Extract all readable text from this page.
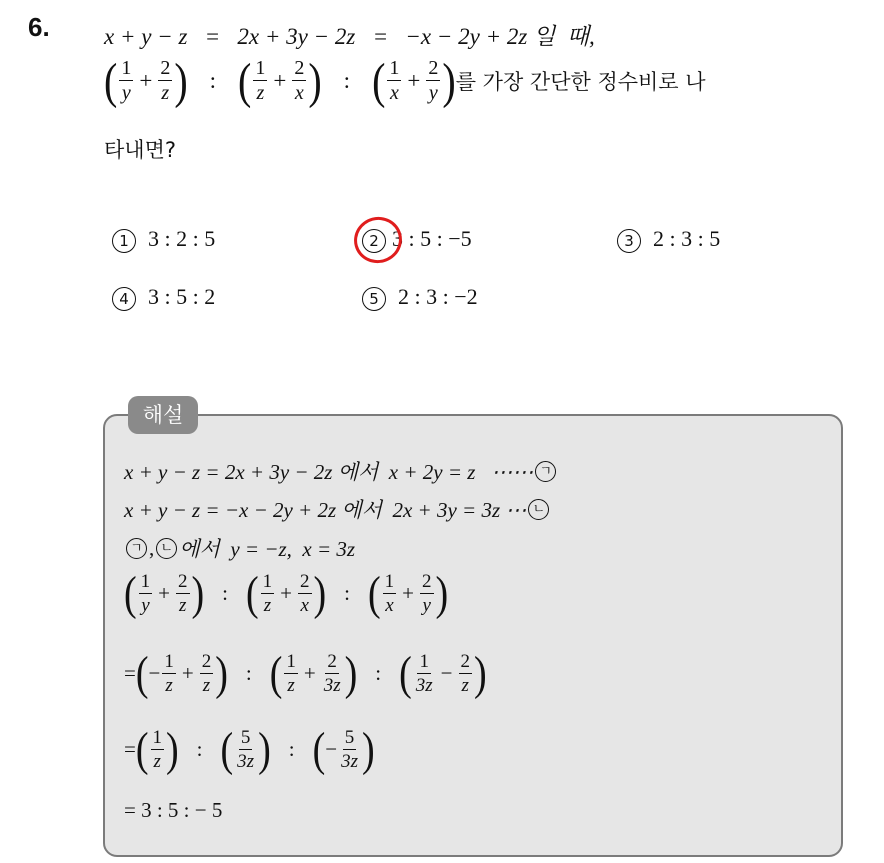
6. x + y − z   =   2x + 3y − 2z   =   −x − 2y + 2z 일  때,
( $\frac{1}{y} + \frac{2}{z}$ ) : ( $\frac{1}{z} + \frac{2}{x}$ ) : ( $\frac{1}{x} + \frac{2}{y}$ ) 를 가장 간단한 정수비로 나
타내면?
1 3 : 2 : 5	2 3 : 5 : −5	3 2 : 3 : 5
4 3 : 5 : 2	5 2 : 3 : −2
해설
x + y − z = 2x + 3y − 2z 에서  x + 2y = z   ⋯⋯ ㄱ
x + y − z = −x − 2y + 2z 에서  2x + 3y = 3z ⋯ ㄴ
ㄱ , ㄴ 에서  y = −z,  x = 3z
( $\frac{1}{y} + \frac{2}{z}$ ) : ( $\frac{1}{z} + \frac{2}{x}$ ) : ( $\frac{1}{x} + \frac{2}{y}$ )
= ( − $\frac{1}{z} + \frac{2}{z}$ ) : ( $\frac{1}{z} + \frac{2}{3z}$ ) : ( $\frac{1}{3z} - \frac{2}{z}$ )
= ( $\frac{1}{z}$ ) : ( $\frac{5}{3z}$ ) : ( − $\frac{5}{3z}$ )
= 3 : 5 : − 5
